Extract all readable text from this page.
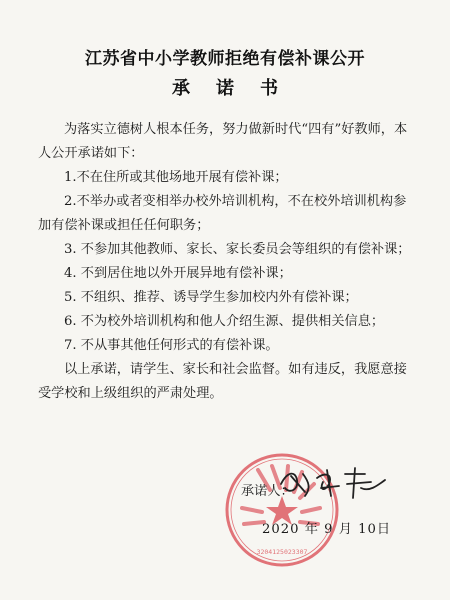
江苏省中小学教师拒绝有偿补课公开
承诺书

为落实立德树人根本任务，努力做新时代“四有”好教师，本人公开承诺如下：

1.不在住所或其他场地开展有偿补课；

2.不举办或者变相举办校外培训机构，不在校外培训机构参加有偿补课或担任任何职务；

3. 不参加其他教师、家长、家长委员会等组织的有偿补课；

4. 不到居住地以外开展异地有偿补课；

5. 不组织、推荐、诱导学生参加校内外有偿补课；

6. 不为校外培训机构和他人介绍生源、提供相关信息；

7. 不从事其他任何形式的有偿补课。

以上承诺，请学生、家长和社会监督。如有违反，我愿意接受学校和上级组织的严肃处理。

3204125023307
承诺人：
2020 年 9 月 10日
